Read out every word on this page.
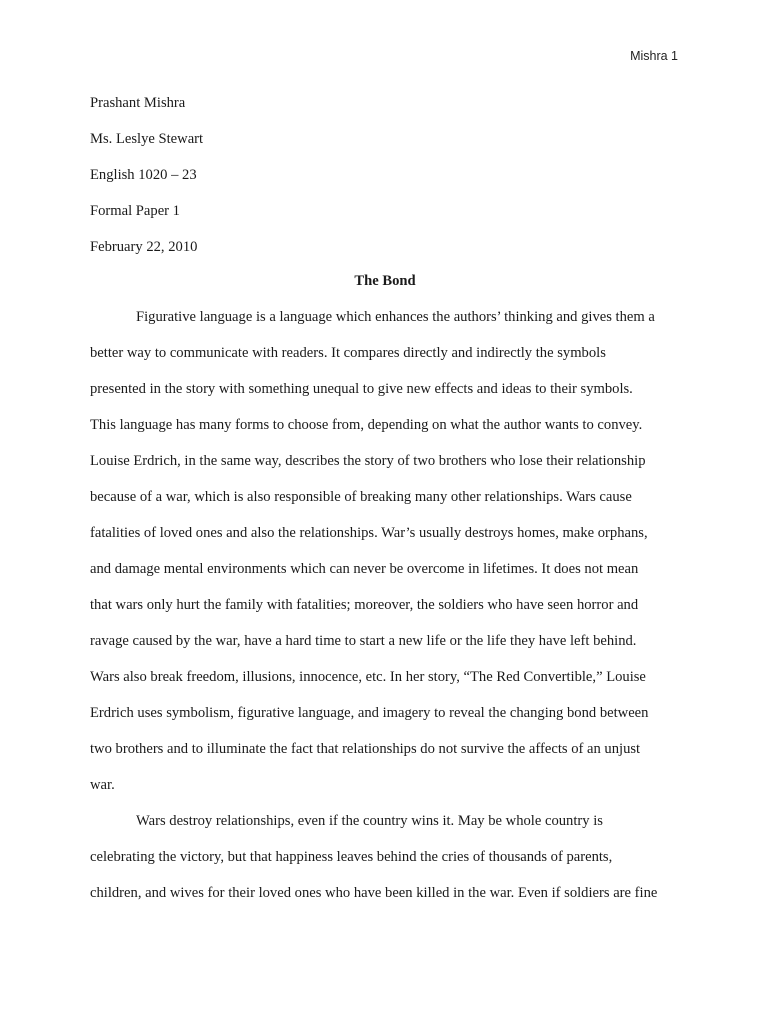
Mishra 1
Prashant Mishra
Ms. Leslye Stewart
English 1020 – 23
Formal Paper 1
February 22, 2010
The Bond
Figurative language is a language which enhances the authors’ thinking and gives them a
better way to communicate with readers. It compares directly and indirectly the symbols
presented in the story with something unequal to give new effects and ideas to their symbols.
This language has many forms to choose from, depending on what the author wants to convey.
Louise Erdrich, in the same way, describes the story of two brothers who lose their relationship
because of a war, which is also responsible of breaking many other relationships. Wars cause
fatalities of loved ones and also the relationships. War’s usually destroys homes, make orphans,
and damage mental environments which can never be overcome in lifetimes. It does not mean
that wars only hurt the family with fatalities; moreover, the soldiers who have seen horror and
ravage caused by the war, have a hard time to start a new life or the life they have left behind.
Wars also break freedom, illusions, innocence, etc. In her story, “The Red Convertible,” Louise
Erdrich uses symbolism, figurative language, and imagery to reveal the changing bond between
two brothers and to illuminate the fact that relationships do not survive the affects of an unjust
war.
Wars destroy relationships, even if the country wins it. May be whole country is
celebrating the victory, but that happiness leaves behind the cries of thousands of parents,
children, and wives for their loved ones who have been killed in the war. Even if soldiers are fine
